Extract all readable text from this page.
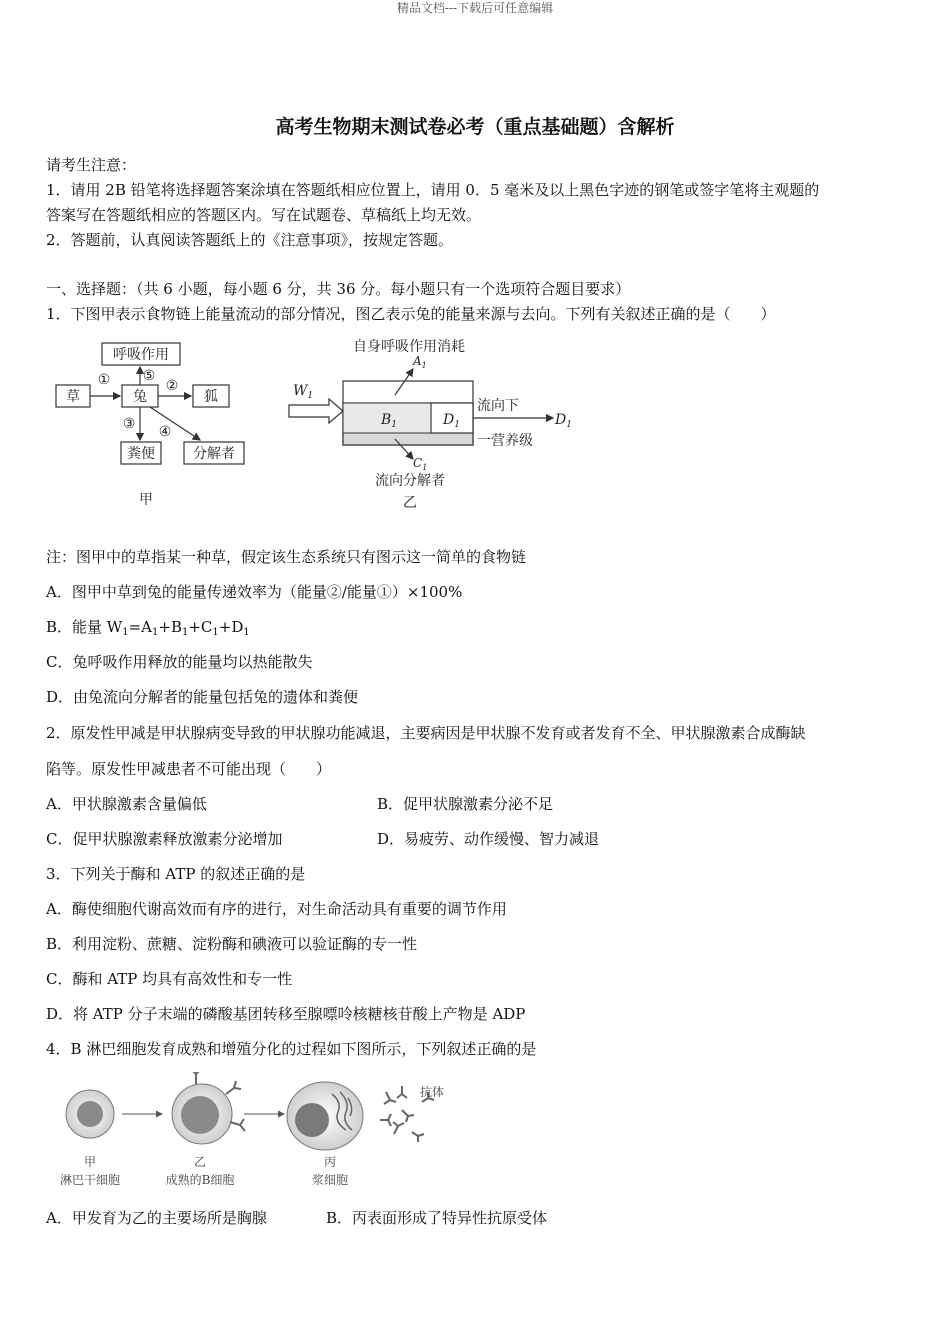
精品文档---下载后可任意编辑
高考生物期末测试卷必考（重点基础题）含解析
请考生注意：
1．请用 2B 铅笔将选择题答案涂填在答题纸相应位置上，请用 0．5 毫米及以上黑色字迹的钢笔或签字笔将主观题的
答案写在答题纸相应的答题区内。写在试题卷、草稿纸上均无效。
2．答题前，认真阅读答题纸上的《注意事项》，按规定答题。
一、选择题：（共 6 小题，每小题 6 分，共 36 分。每小题只有一个选项符合题目要求）
1．下图甲表示食物链上能量流动的部分情况，图乙表示兔的能量来源与去向。下列有关叙述正确的是（　　）
呼吸作用
草	兔	狐
粪便	分解者
① ⑤
②
③ ④
甲
自身呼吸作用消耗
$W_1$
$A_1$
$B_1$	$D_1$	$D_1$
$C_1$
流向下
一营养级
流向分解者
乙
注：图甲中的草指某一种草，假定该生态系统只有图示这一简单的食物链
A．图甲中草到兔的能量传递效率为（能量②/能量①）×100%
B．能量 $W_1=A_1+B_1+C_1+D_1$
C．兔呼吸作用释放的能量均以热能散失
D．由兔流向分解者的能量包括兔的遗体和粪便
2．原发性甲减是甲状腺病变导致的甲状腺功能减退，主要病因是甲状腺不发育或者发育不全、甲状腺激素合成酶缺
陷等。原发性甲减患者不可能出现（　　）
A．甲状腺激素含量偏低	B．促甲状腺激素分泌不足
C．促甲状腺激素释放激素分泌增加	D．易疲劳、动作缓慢、智力减退
3．下列关于酶和 ATP 的叙述正确的是
A．酶使细胞代谢高效而有序的进行，对生命活动具有重要的调节作用
B．利用淀粉、蔗糖、淀粉酶和碘液可以验证酶的专一性
C．酶和 ATP 均具有高效性和专一性
D．将 ATP 分子末端的磷酸基团转移至腺嘌呤核糖核苷酸上产物是 ADP
4．B 淋巴细胞发育成熟和增殖分化的过程如下图所示，下列叙述正确的是
抗体
甲
淋巴干细胞
乙
成熟的B细胞
丙
浆细胞
A．甲发育为乙的主要场所是胸腺	B．丙表面形成了特异性抗原受体
